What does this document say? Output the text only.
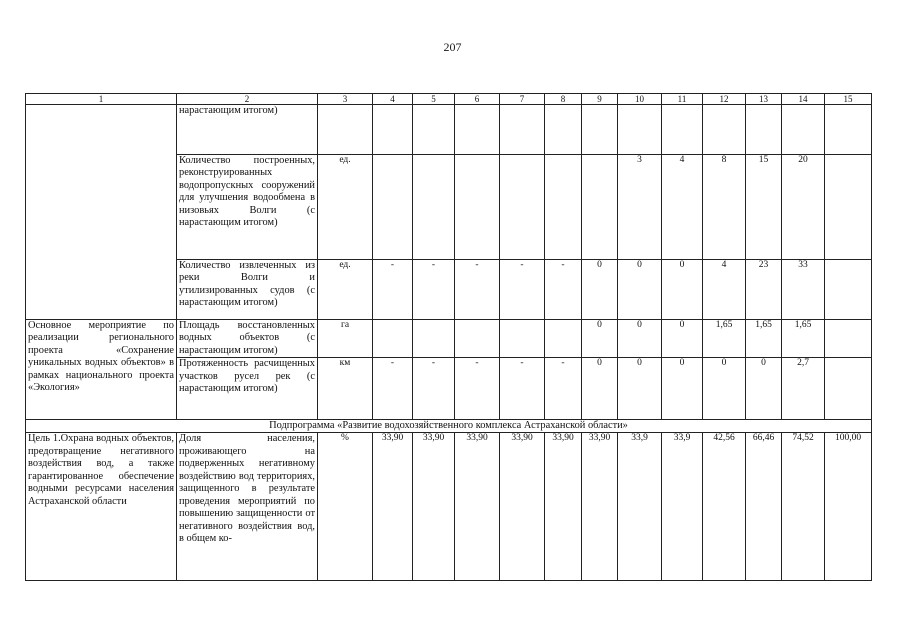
207
1	2	3	4	5	6	7	8	9	10	11	12	13	14	15
	нарастающим итогом)													
	Количество построенных, реконструированных водопропускных сооружений для улучшения водообмена в низовьях Волги (с нарастающим итогом)	ед.							3	4	8	15	20	
	Количество извлеченных из реки Волги и утилизированных судов (с нарастающим итогом)	ед.	-	-	-	-	-	0	0	0	4	23	33	
Основное мероприятие по реализации регионального проекта «Сохранение уникальных водных объектов» в рамках национального проекта «Экология»	Площадь восстановленных водных объектов (с нарастающим итогом)	га						0	0	0	1,65	1,65	1,65	
	Протяженность расчищенных участков русел рек (с нарастающим итогом)	км	-	-	-	-	-	0	0	0	0	0	2,7	
Подпрограмма «Развитие водохозяйственного комплекса Астраханской области»														
Цель 1.Охрана водных объектов, предотвращение негативного воздействия вод, а также гарантированное обеспечение водными ресурсами населения Астраханской области	Доля населения, проживающего на подверженных негативному воздействию вод территориях, защищенного в результате проведения мероприятий по повышению защищенности от негативного воздействия вод, в общем ко-	%	33,90	33,90	33,90	33,90	33,90	33,90	33,9	33,9	42,56	66,46	74,52	100,00
